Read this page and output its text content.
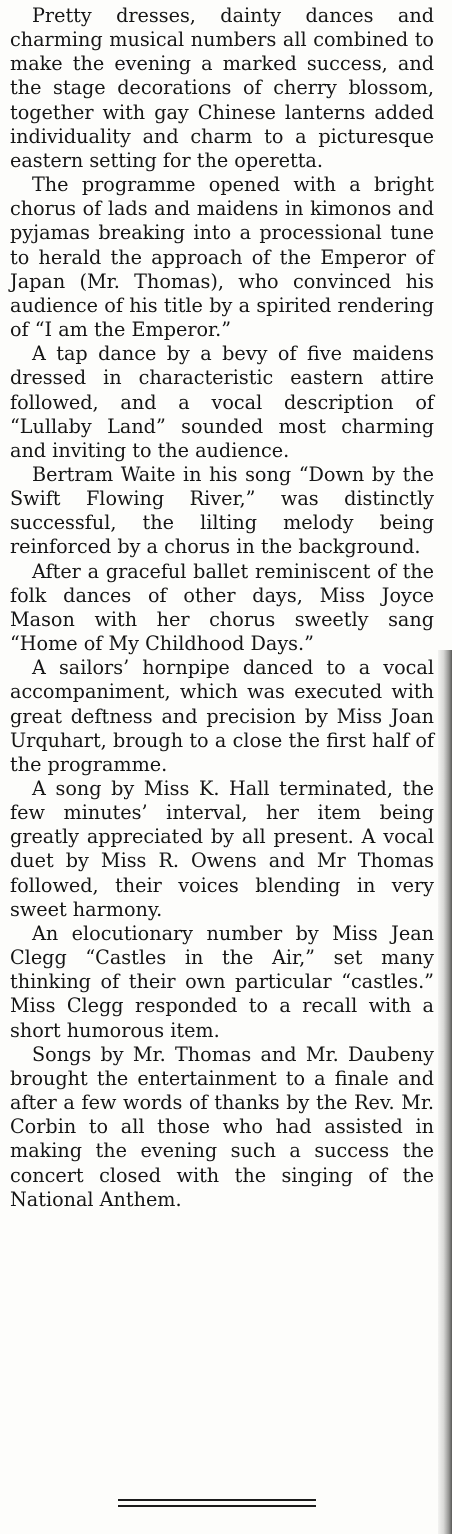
Pretty dresses, dainty dances and charming musical numbers all combined to make the evening a marked success, and the stage decorations of cherry blossom, together with gay Chinese lanterns added individuality and charm to a picturesque eastern setting for the operetta.

The programme opened with a bright chorus of lads and maidens in kimonos and pyjamas breaking into a processional tune to herald the approach of the Emperor of Japan (Mr. Thomas), who convinced his audience of his title by a spirited rendering of “I am the Emperor.”

A tap dance by a bevy of five maidens dressed in characteristic eastern attire followed, and a vocal description of “Lullaby Land” sounded most charming and inviting to the audience.

Bertram Waite in his song “Down by the Swift Flowing River,” was distinctly successful, the lilting melody being reinforced by a chorus in the background.

After a graceful ballet reminiscent of the folk dances of other days, Miss Joyce Mason with her chorus sweetly sang “Home of My Childhood Days.”

A sailors’ hornpipe danced to a vocal accompaniment, which was executed with great deftness and precision by Miss Joan Urquhart, brough to a close the first half of the programme.

A song by Miss K. Hall terminated, the few minutes’ interval, her item being greatly appreciated by all present. A vocal duet by Miss R. Owens and Mr Thomas followed, their voices blending in very sweet harmony.

An elocutionary number by Miss Jean Clegg “Castles in the Air,” set many thinking of their own particular “castles.” Miss Clegg responded to a recall with a short humorous item.

Songs by Mr. Thomas and Mr. Daubeny brought the entertainment to a finale and after a few words of thanks by the Rev. Mr. Corbin to all those who had assisted in making the evening such a success the concert closed with the singing of the National Anthem.
